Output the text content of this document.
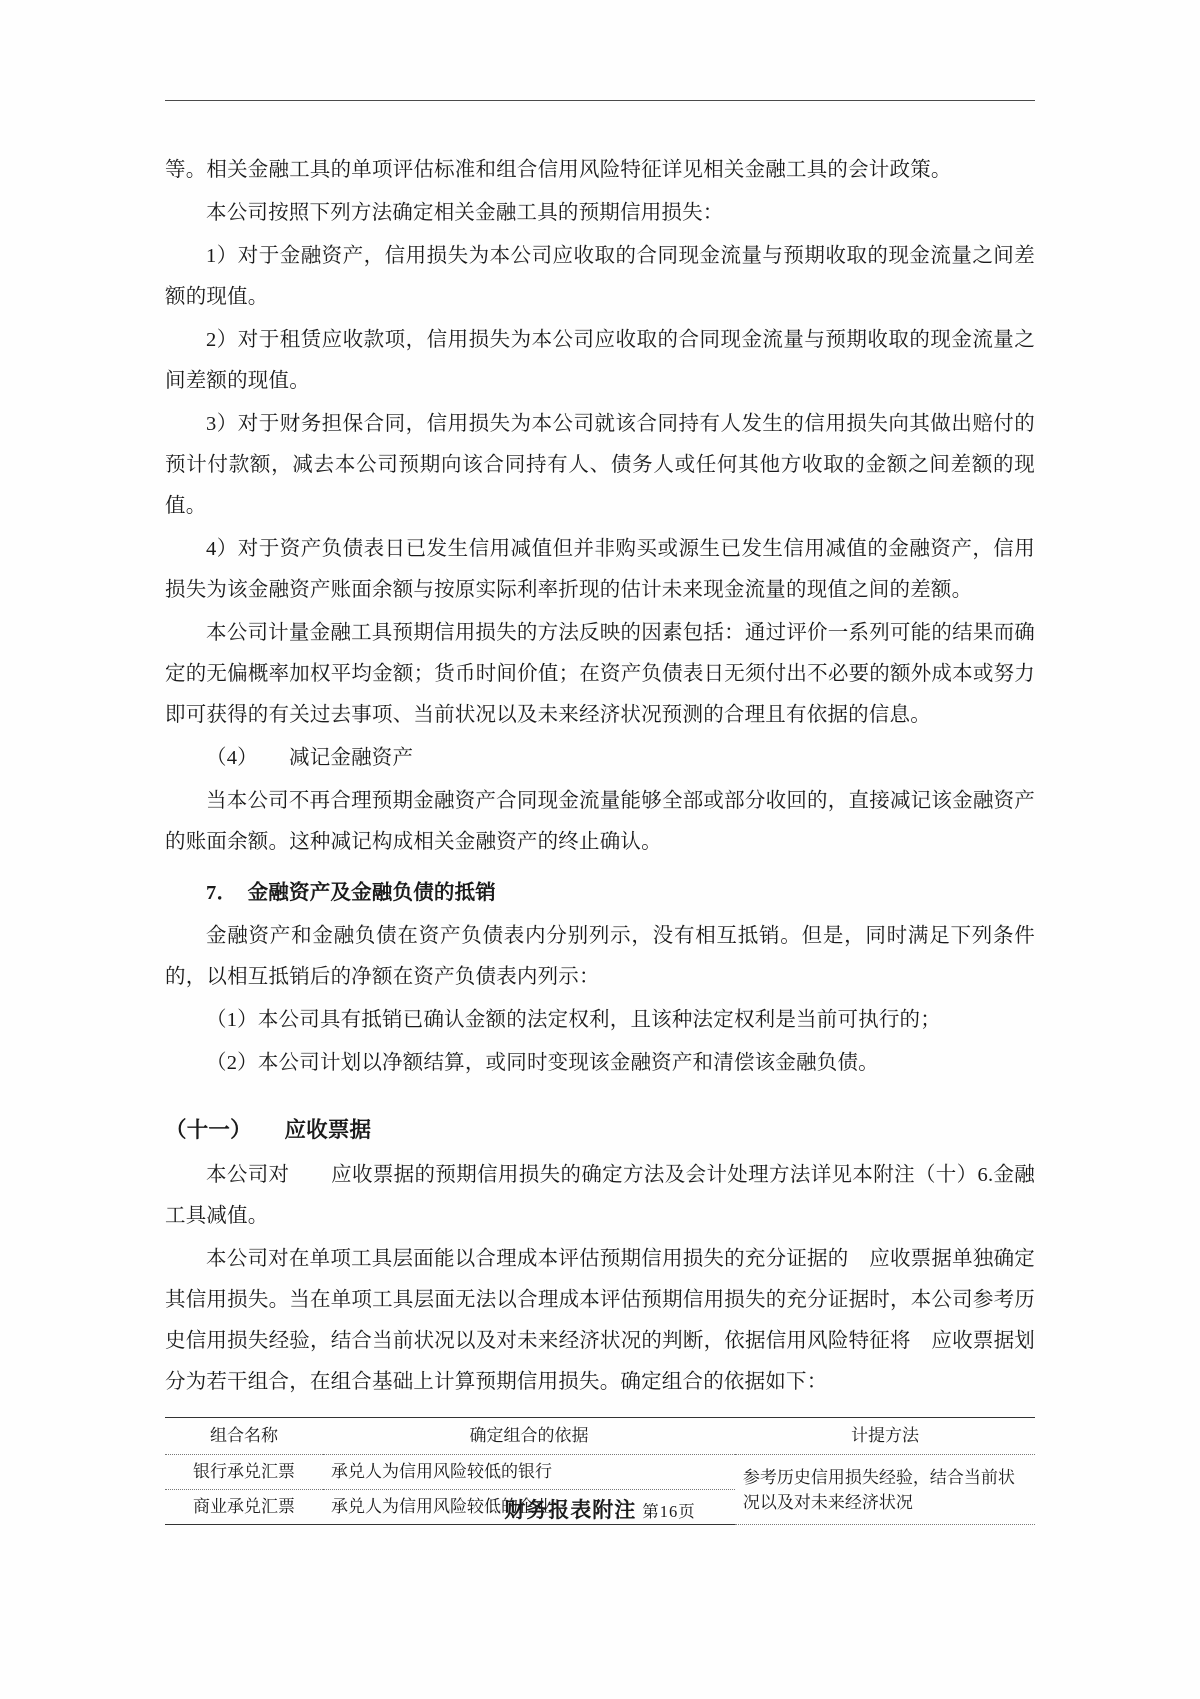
等。相关金融工具的单项评估标准和组合信用风险特征详见相关金融工具的会计政策。

本公司按照下列方法确定相关金融工具的预期信用损失：

1）对于金融资产，信用损失为本公司应收取的合同现金流量与预期收取的现金流量之间差额的现值。

2）对于租赁应收款项，信用损失为本公司应收取的合同现金流量与预期收取的现金流量之间差额的现值。

3）对于财务担保合同，信用损失为本公司就该合同持有人发生的信用损失向其做出赔付的预计付款额，减去本公司预期向该合同持有人、债务人或任何其他方收取的金额之间差额的现值。

4）对于资产负债表日已发生信用减值但并非购买或源生已发生信用减值的金融资产，信用损失为该金融资产账面余额与按原实际利率折现的估计未来现金流量的现值之间的差额。

本公司计量金融工具预期信用损失的方法反映的因素包括：通过评价一系列可能的结果而确定的无偏概率加权平均金额；货币时间价值；在资产负债表日无须付出不必要的额外成本或努力即可获得的有关过去事项、当前状况以及未来经济状况预测的合理且有依据的信息。

（4）　　减记金融资产

当本公司不再合理预期金融资产合同现金流量能够全部或部分收回的，直接减记该金融资产的账面余额。这种减记构成相关金融资产的终止确认。

7．　金融资产及金融负债的抵销

金融资产和金融负债在资产负债表内分别列示，没有相互抵销。但是，同时满足下列条件的，以相互抵销后的净额在资产负债表内列示：

（1）本公司具有抵销已确认金额的法定权利，且该种法定权利是当前可执行的；

（2）本公司计划以净额结算，或同时变现该金融资产和清偿该金融负债。

（十一）　　应收票据

本公司对　　应收票据的预期信用损失的确定方法及会计处理方法详见本附注（十）6.金融工具减值。

本公司对在单项工具层面能以合理成本评估预期信用损失的充分证据的　应收票据单独确定其信用损失。当在单项工具层面无法以合理成本评估预期信用损失的充分证据时，本公司参考历史信用损失经验，结合当前状况以及对未来经济状况的判断，依据信用风险特征将　应收票据划分为若干组合，在组合基础上计算预期信用损失。确定组合的依据如下：

组合名称	确定组合的依据	计提方法
银行承兑汇票	承兑人为信用风险较低的银行	参考历史信用损失经验，结合当前状况以及对未来经济状况
商业承兑汇票	承兑人为信用风险较低的企业	
财务报表附注 第16页
